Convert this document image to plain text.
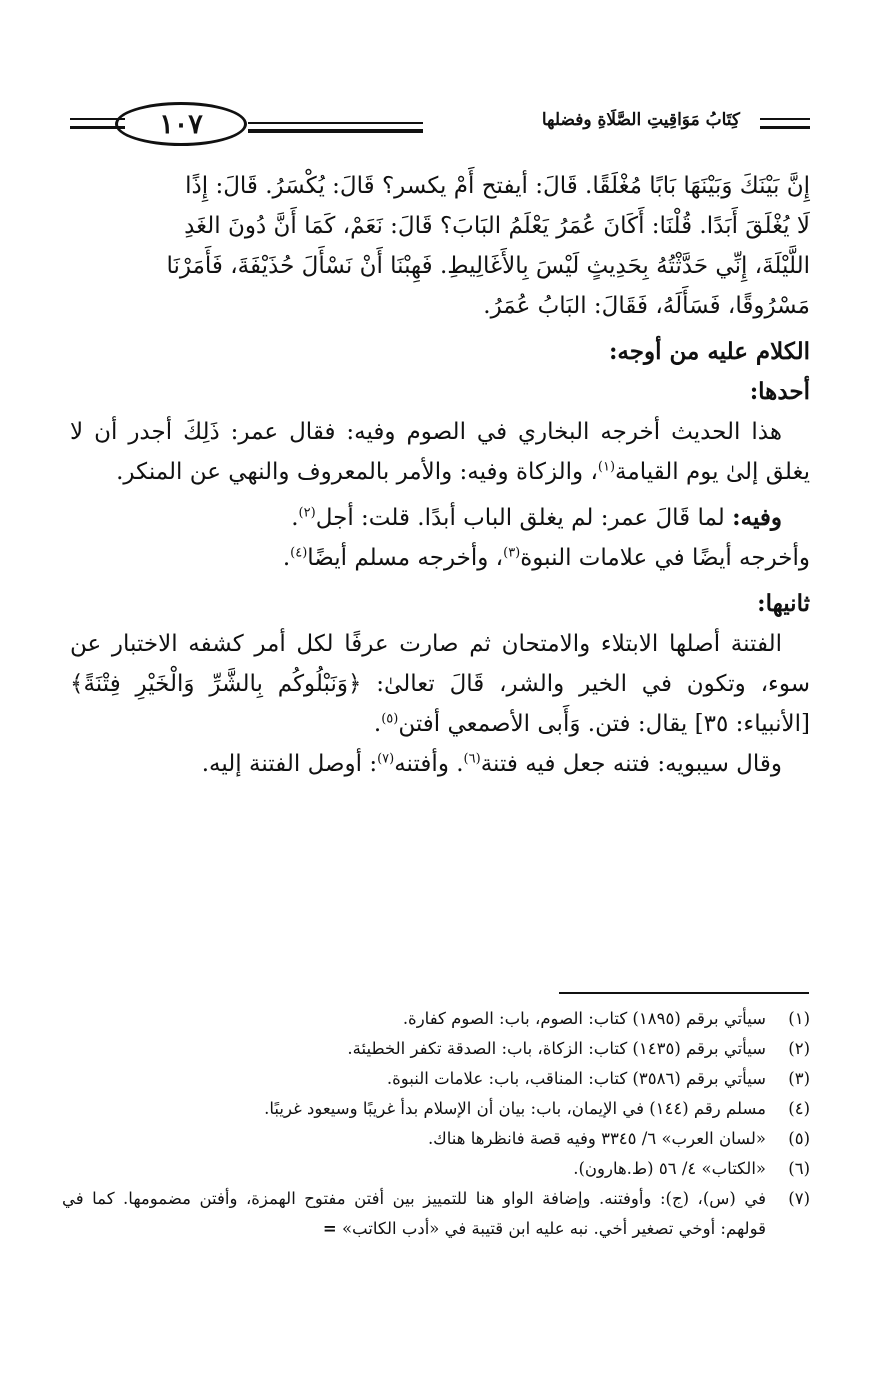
١٠٧	كِتَابُ مَوَاقِيتِ الصَّلَاةِ وفضلها

إِنَّ بَيْنَكَ وَبَيْنَهَا بَابًا مُغْلَقًا. قَالَ: أيفتح أَمْ يكسر؟ قَالَ: يُكْسَرُ. قَالَ: إِذًا

لَا يُغْلَقَ أَبَدًا. قُلْنَا: أَكَانَ عُمَرُ يَعْلَمُ البَابَ؟ قَالَ: نَعَمْ، كَمَا أَنَّ دُونَ الغَدِ

اللَّيْلَةَ، إِنِّي حَدَّثْتُهُ بِحَدِيثٍ لَيْسَ بِالأَغَالِيطِ. فَهِبْنَا أَنْ نَسْأَلَ حُذَيْفَةَ، فَأَمَرْنَا

مَسْرُوقًا، فَسَأَلَهُ، فَقَالَ: البَابُ عُمَرُ.

الكلام عليه من أوجه:

أحدها:

هذا الحديث أخرجه البخاري في الصوم وفيه: فقال عمر: ذَلِكَ أجدر أن لا يغلق إلىٰ يوم القيامة$^{(١)}$، والزكاة وفيه: والأمر بالمعروف والنهي عن المنكر.

وفيه: لما قَالَ عمر: لم يغلق الباب أبدًا. قلت: أجل$^{(٢)}$.

وأخرجه أيضًا في علامات النبوة$^{(٣)}$، وأخرجه مسلم أيضًا$^{(٤)}$.

ثانيها:

الفتنة أصلها الابتلاء والامتحان ثم صارت عرفًا لكل أمر كشفه الاختبار عن سوء، وتكون في الخير والشر، قَالَ تعالىٰ: ﴿وَنَبْلُوكُم بِالشَّرِّ وَالْخَيْرِ فِتْنَةً﴾ [الأنبياء: ٣٥] يقال: فتن. وَأَبى الأصمعي أفتن$^{(٥)}$.

وقال سيبويه: فتنه جعل فيه فتنة$^{(٦)}$. وأفتنه$^{(٧)}$: أوصل الفتنة إليه.

(١)
سيأتي برقم (١٨٩٥) كتاب: الصوم، باب: الصوم كفارة.
(٢)
سيأتي برقم (١٤٣٥) كتاب: الزكاة، باب: الصدقة تكفر الخطيئة.
(٣)
سيأتي برقم (٣٥٨٦) كتاب: المناقب، باب: علامات النبوة.
(٤)
مسلم رقم (١٤٤) في الإيمان، باب: بيان أن الإسلام بدأ غريبًا وسيعود غريبًا.
(٥)
«لسان العرب» ٦/ ٣٣٤٥ وفيه قصة فانظرها هناك.
(٦)
«الكتاب» ٤/ ٥٦ (ط.هارون).
(٧)
في (س)، (ج): وأوفتنه. وإضافة الواو هنا للتمييز بين أفتن مفتوح الهمزة، وأفتن مضمومها. كما في قولهم: أوخي تصغير أخي. نبه عليه ابن قتيبة في «أدب الكاتب» =
